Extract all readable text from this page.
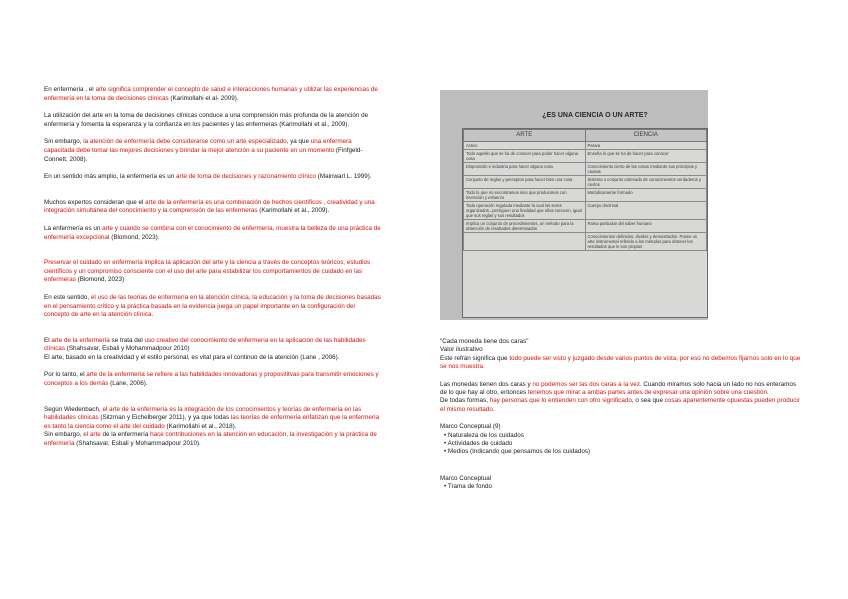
En enfermeria , el arte significa comprender el concepto de salud e interacciones humanas y utilizar las experiencias de enfermería en la toma de decisiones clínicas (Karimollahi el al- 2009).

La utilización del arte en la toma de decisiones clínicas conduce a una comprensión más profunda de la atención de enfermería y fomenta la esperanza y la confianza en los pacientes y las enfermeras (Karimollahi et al., 2009).

Sin embargo, la atención de enfermería debe considerarse como un arte especializado, ya que una enfermera capacitada debe tomar las mejores decisiones y brindar la mejor atención a su paciente en un momento (Finfgeld-Connett, 2008).

En un sentido más amplio, la enfermería es un arte de toma de decisiones y razonamiento clínico (Mainwarl L. 1999).

Muchos expertos consideran que el arte de la enfermería es una combinación de hechos científicos , creatividad y una integración simultánea del conocimiento y la comprensión de las enfermeras (Karimollahi et al., 2009).

La enfermería es un arte y cuando se combina con el conocimiento de enfermería, muestra la belleza de una práctica de enfermería excepcional (Blomond, 2023).

Preservar el cuidado en enfermería implica la aplicación del arte y la ciencia a través de conceptos teóricos, estudios científicos y un compromiso consciente con el uso del arte para estabilizar los comportamientos de cuidado en las enfermeras (Blomond, 2023)

En este sentido, el uso de las teorías de enfermería en la atención clínica, la educación y la toma de decisiones basadas en el pensamiento crítico y la práctica basada en la evidencia juega un papel importante en la configuración del concepto de arte en la atención clínica.

El arte de la enfermería se trata del uso creativo del conocimiento de enfermería en la aplicación de las habilidades clínicas (Shahsavar, Esbali y Mohammadpour 2010)
El arte, basado en la creatividad y el estilo personal, es vital para el continuo de la atención (Lane , 2006).

Por lo tanto, el arte de la enfermería se refiere a las habilidades innovadoras y proposititvas para transmitir emociones y conceptos a los demás (Lane, 2006).

Según Wiedenbach, el arte de la enfermería es la integración de los conocimientos y teorías de enfermería en las habilidades clínicas (Sitzman y Eichelberger 2011), y ya que todas las teorías de enfermería enfatizan que la enfermería es tanto la ciencia como el arte del cuidado (Karimollahi et al., 2018).
Sin embargo, el arte de la enfermería hace contribuciones en la atención en educación, la investigación y la práctica de enfermería (Shahsavar, Esbali y Mohammadpour 2010).

¿ES UNA CIENCIA O UN ARTE?
ARTE	CIENCIA
Activo	Pasiva
Todo aquello que se ha de conocer para poder hacer alguna cosa	Enseña lo que se ha de hacer para conocer
Disposición e industria para hacer alguna cosa	Conocimiento cierto de las cosas mediante sus principios y causas
Conjunto de reglas y preceptos para hacer bien una cosa	Sistema o conjunto ordenado de conocimientos verdaderos y ciertos
Todo lo que no encontramos sino que producimos con invención y esfuerzo	Metódicamente formado
Toda operación regulada mediante la cual los seres organizados...persiguen una finalidad que ellos conocen, igual que sus reglas y sus resultados	Cuerpo doctrinal
Implica un conjunto de procedimientos, un método para la obtención de resultados determinados	Rama particular del saber humano
	Conocimientos definidos, dividos y demostrados. Posee un arte instrumental referido a los métodos para obtener los resultados que le son propios
"Cada moneda tiene dos caras"
Valor ilustrativo
Este refrán significa que todo puede ser visto y juzgado desde varios puntos de vista, por eso no debemos fijarnos solo en lo que se nos muestra.
Las monedas tienen dos caras y no podemos ser las dos caras a la vez. Cuando miramos solo hacia un lado no nos enteramos de lo que hay al otro, entonces tenemos que mirar a ambas partes antes de expresar una opinión sobre una cuestión.
De todas formas, hay personas que lo entienden con otro significado, o sea que cosas aparentemente opuestas pueden producir el mismo resultado.
Marco Conceptual (9)
• Naturaleza de los cuidados
• Actividades de cuidado
• Medios (Indicando que pensamos de los cuidados)
Marco Conceptual
• Trama de fondo
